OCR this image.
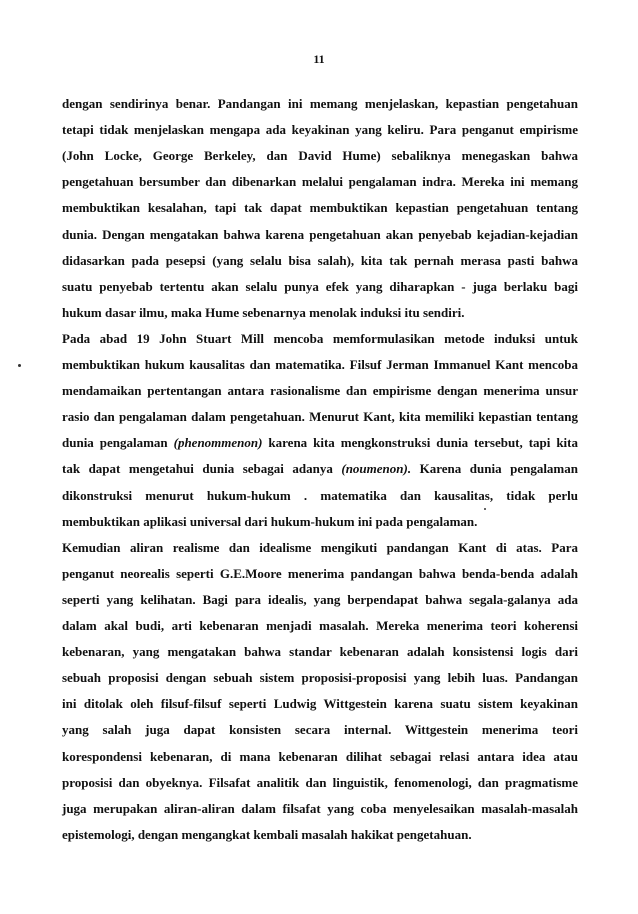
11
dengan sendirinya benar. Pandangan ini memang menjelaskan, kepastian pengetahuan
tetapi tidak menjelaskan mengapa ada keyakinan yang keliru. Para penganut empirisme
(John Locke, George Berkeley, dan David Hume) sebaliknya menegaskan bahwa
pengetahuan bersumber dan dibenarkan melalui pengalaman indra. Mereka ini memang
membuktikan kesalahan, tapi tak dapat membuktikan kepastian pengetahuan tentang
dunia. Dengan mengatakan bahwa karena pengetahuan akan penyebab kejadian-kejadian
didasarkan pada pesepsi (yang selalu bisa salah), kita tak pernah merasa pasti bahwa
suatu penyebab tertentu akan selalu punya efek yang diharapkan - juga berlaku bagi
hukum dasar ilmu, maka Hume sebenarnya menolak induksi itu sendiri.
Pada abad 19 John Stuart Mill mencoba memformulasikan metode induksi untuk
membuktikan hukum kausalitas dan matematika. Filsuf Jerman Immanuel Kant mencoba
mendamaikan pertentangan antara rasionalisme dan empirisme dengan menerima unsur
rasio dan pengalaman dalam pengetahuan. Menurut Kant, kita memiliki kepastian tentang
dunia pengalaman (phenommenon) karena kita mengkonstruksi dunia tersebut, tapi kita
tak dapat mengetahui dunia sebagai adanya (noumenon). Karena dunia pengalaman
dikonstruksi menurut hukum-hukum . matematika dan kausalitas, tidak perlu
membuktikan aplikasi universal dari hukum-hukum ini pada pengalaman.
Kemudian aliran realisme dan idealisme mengikuti pandangan Kant di atas. Para
penganut neorealis seperti G.E.Moore menerima pandangan bahwa benda-benda adalah
seperti yang kelihatan. Bagi para idealis, yang berpendapat bahwa segala-galanya ada
dalam akal budi, arti kebenaran menjadi masalah. Mereka menerima teori koherensi
kebenaran, yang mengatakan bahwa standar kebenaran adalah konsistensi logis dari
sebuah proposisi dengan sebuah sistem proposisi-proposisi yang lebih luas. Pandangan
ini ditolak oleh filsuf-filsuf seperti Ludwig Wittgestein karena suatu sistem keyakinan
yang salah juga dapat konsisten secara internal. Wittgestein menerima teori
korespondensi kebenaran, di mana kebenaran dilihat sebagai relasi antara idea atau
proposisi dan obyeknya. Filsafat analitik dan linguistik, fenomenologi, dan pragmatisme
juga merupakan aliran-aliran dalam filsafat yang coba menyelesaikan masalah-masalah
epistemologi, dengan mengangkat kembali masalah hakikat pengetahuan.
